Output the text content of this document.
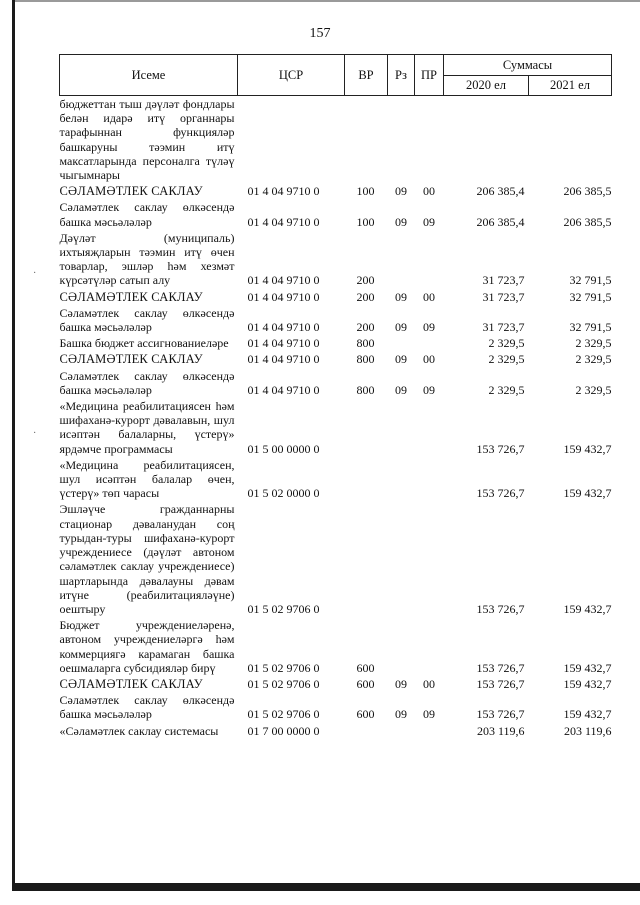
157
Исеме	ЦСР	ВР	Рз	ПР	Суммасы	
					2020 ел	2021 ел
бюджеттан тыш дәүләт фондлары белән идарә итү органнары тарафыннан функцияләр башкаруны тәэмин итү максатларында персоналга түләү чыгымнары						
СӘЛАМӘТЛЕК САКЛАУ	01 4 04 9710 0	100	09	00	206 385,4	206 385,5
Сәламәтлек саклау өлкәсендә башка мәсьәләләр	01 4 04 9710 0	100	09	09	206 385,4	206 385,5
Дәүләт (муниципаль) ихтыяҗларын тәэмин итү өчен товарлар, эшләр һәм хезмәт күрсәтүләр сатып алу	01 4 04 9710 0	200			31 723,7	32 791,5
СӘЛАМӘТЛЕК САКЛАУ	01 4 04 9710 0	200	09	00	31 723,7	32 791,5
Сәламәтлек саклау өлкәсендә башка мәсьәләләр	01 4 04 9710 0	200	09	09	31 723,7	32 791,5
Башка бюджет ассигнованиеләре	01 4 04 9710 0	800			2 329,5	2 329,5
СӘЛАМӘТЛЕК САКЛАУ	01 4 04 9710 0	800	09	00	2 329,5	2 329,5
Сәламәтлек саклау өлкәсендә башка мәсьәләләр	01 4 04 9710 0	800	09	09	2 329,5	2 329,5
«Медицина реабилитациясен һәм шифаханә-курорт дәвалавын, шул исәптән балаларны, үстерү» ярдәмче программасы	01 5 00 0000 0				153 726,7	159 432,7
«Медицина реабилитациясен, шул исәптән балалар өчен, үстерү» төп чарасы	01 5 02 0000 0				153 726,7	159 432,7
Эшләүче гражданнарны стационар дәваланудан соң турыдан-туры шифаханә-курорт учреждениесе (дәүләт автоном сәламәтлек саклау учреждениесе) шартларында дәвалауны дәвам итүне (реабилитацияләүне) оештыру	01 5 02 9706 0				153 726,7	159 432,7
Бюджет учреждениеләренә, автоном учреждениеләргә һәм коммерциягә карамаган башка оешмаларга субсидияләр бирү	01 5 02 9706 0	600			153 726,7	159 432,7
СӘЛАМӘТЛЕК САКЛАУ	01 5 02 9706 0	600	09	00	153 726,7	159 432,7
Сәламәтлек саклау өлкәсендә башка мәсьәләләр	01 5 02 9706 0	600	09	09	153 726,7	159 432,7
«Сәламәтлек саклау системасы	01 7 00 0000 0				203 119,6	203 119,6
·
·
